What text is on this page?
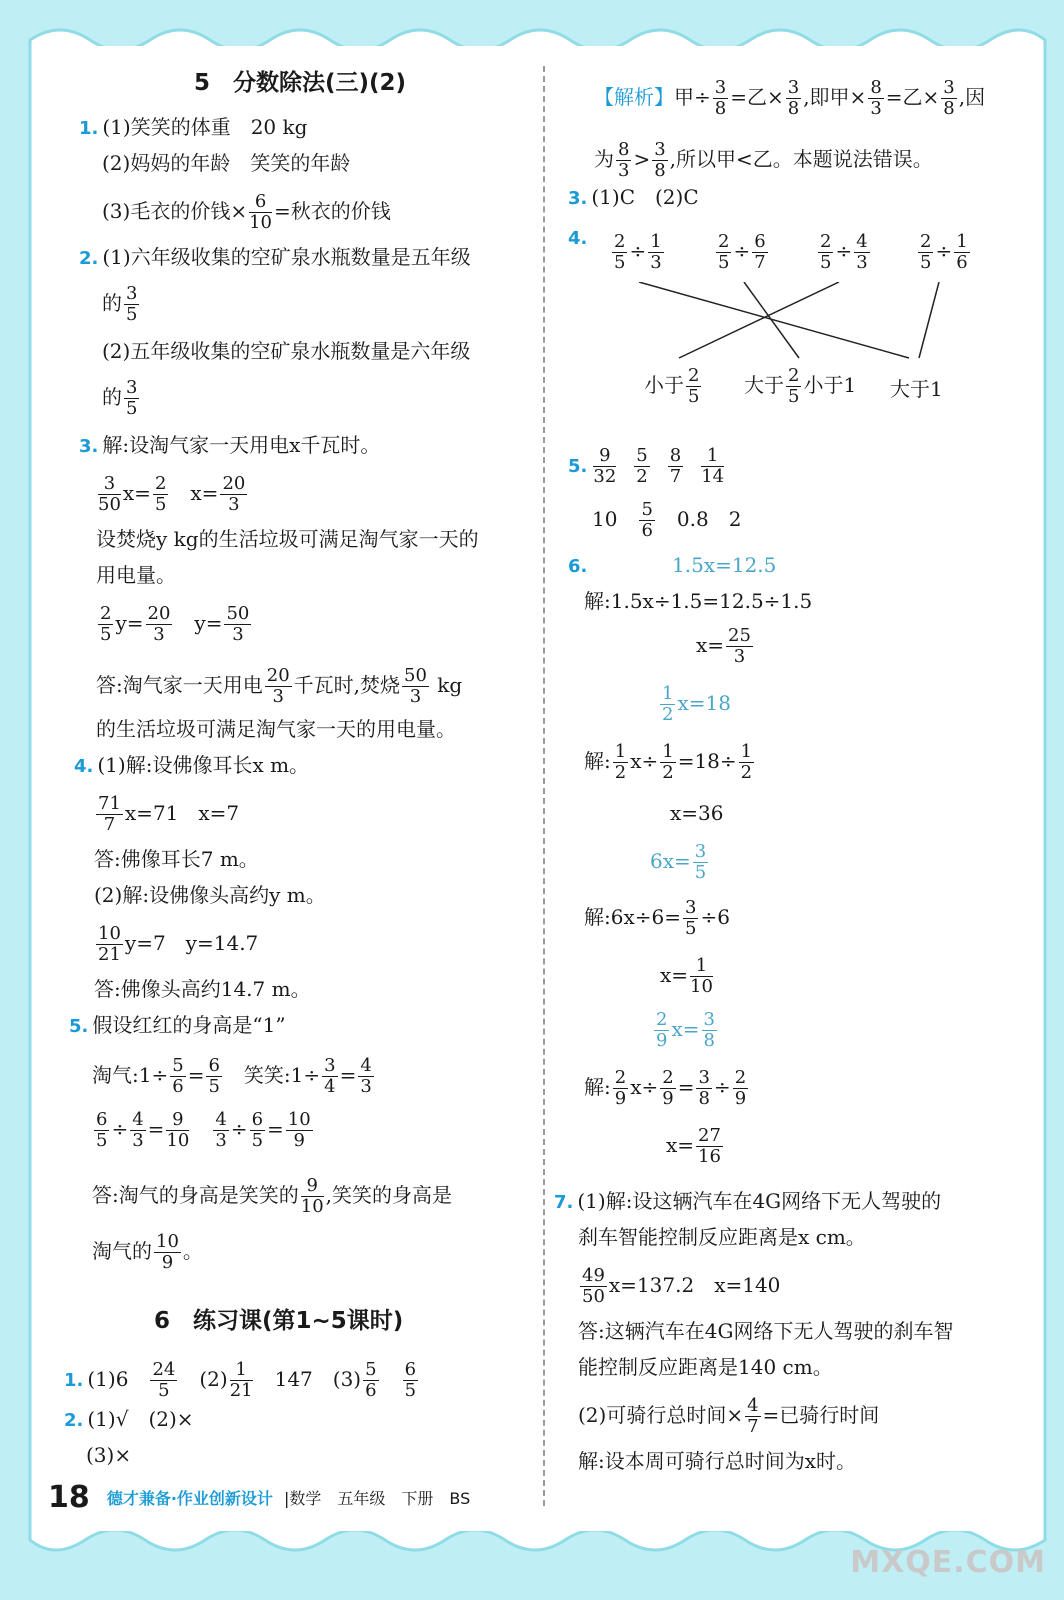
5　分数除法(三)(2)
1. (1)笑笑的体重　20 kg
(2)妈妈的年龄　笑笑的年龄
(3)毛衣的价钱× $\frac{6}{10}$ =秋衣的价钱
2. (1)六年级收集的空矿泉水瓶数量是五年级
的 $\frac{3}{5}$
(2)五年级收集的空矿泉水瓶数量是六年级
的 $\frac{3}{5}$
3. 解:设淘气家一天用电x千瓦时。
$\frac{3}{50} x= \frac{2}{5}$
　 $x= \frac{20}{3}$
设焚烧y kg的生活垃圾可满足淘气家一天的
用电量。
$\frac{2}{5} y= \frac{20}{3}$
　 $y= \frac{50}{3}$
答:淘气家一天用电 $\frac{20}{3}$ 千瓦时,焚烧 $\frac{50}{3}$ kg
的生活垃圾可满足淘气家一天的用电量。
4. (1)解:设佛像耳长x m。
$\frac{71}{7} x=71$　x=7
答:佛像耳长7 m。
(2)解:设佛像头高约y m。
$\frac{10}{21} y=7$　y=14.7
答:佛像头高约14.7 m。
5. 假设红红的身高是“1”
淘气:1÷ $\frac{5}{6} = \frac{6}{5}$
　 笑笑:1÷ $\frac{3}{4} = \frac{4}{3}$
$\frac{6}{5} \div \frac{4}{3} = \frac{9}{10}$
　 $\frac{4}{3} \div \frac{6}{5} = \frac{10}{9}$
答:淘气的身高是笑笑的 $\frac{9}{10}$ ,笑笑的身高是
淘气的 $\frac{10}{9}$ 。
6　练习课(第1~5课时)
1. (1)6　 $\frac{24}{5}$
　 $(2) \frac{1}{21}$
　 147　 $(3) \frac{5}{6}$
　 $\frac{6}{5}$
2. (1)√　(2)×
(3)×
【解析】甲÷ $\frac{3}{8}$ =乙× $\frac{3}{8}$ ,即甲× $\frac{8}{3}$ =乙× $\frac{3}{8}$ ,因
为 $\frac{8}{3} > \frac{3}{8}$ ,所以甲<乙。本题说法错误。
3. (1)C　(2)C
4. $\frac{2}{5} \div \frac{1}{3}$	$\frac{2}{5} \div \frac{6}{7}$	$\frac{2}{5} \div \frac{4}{3}$	$\frac{2}{5} \div \frac{1}{6}$
小于 $\frac{2}{5}$ 大于 $\frac{2}{5}$ 小于1 大于1
5. $\frac{9}{32} \frac{5}{2} \frac{8}{7} \frac{1}{14}$
10　 $\frac{5}{6}$
　 0.8　2
6.	1.5x=12.5
解:1.5x÷1.5=12.5÷1.5
$x= \frac{25}{3}$
$\frac{1}{2} x=18$
解: $\frac{1}{2} x\div \frac{1}{2} =18\div \frac{1}{2}$
x=36
$6x= \frac{3}{5}$
解:6x÷6= $\frac{3}{5} \div 6$
$x= \frac{1}{10}$
$\frac{2}{9} x= \frac{3}{8}$
解: $\frac{2}{9} x\div \frac{2}{9} = \frac{3}{8} \div \frac{2}{9}$
$x= \frac{27}{16}$
7. (1)解:设这辆汽车在4G网络下无人驾驶的
刹车智能控制反应距离是x cm。
$\frac{49}{50} x=137.2$　x=140
答:这辆汽车在4G网络下无人驾驶的刹车智
能控制反应距离是140 cm。
(2)可骑行总时间× $\frac{4}{7}$ =已骑行时间
解:设本周可骑行总时间为x时。
18 德才兼备·作业创新设计 |数学　五年级　下册　BS
MXQE.COM
